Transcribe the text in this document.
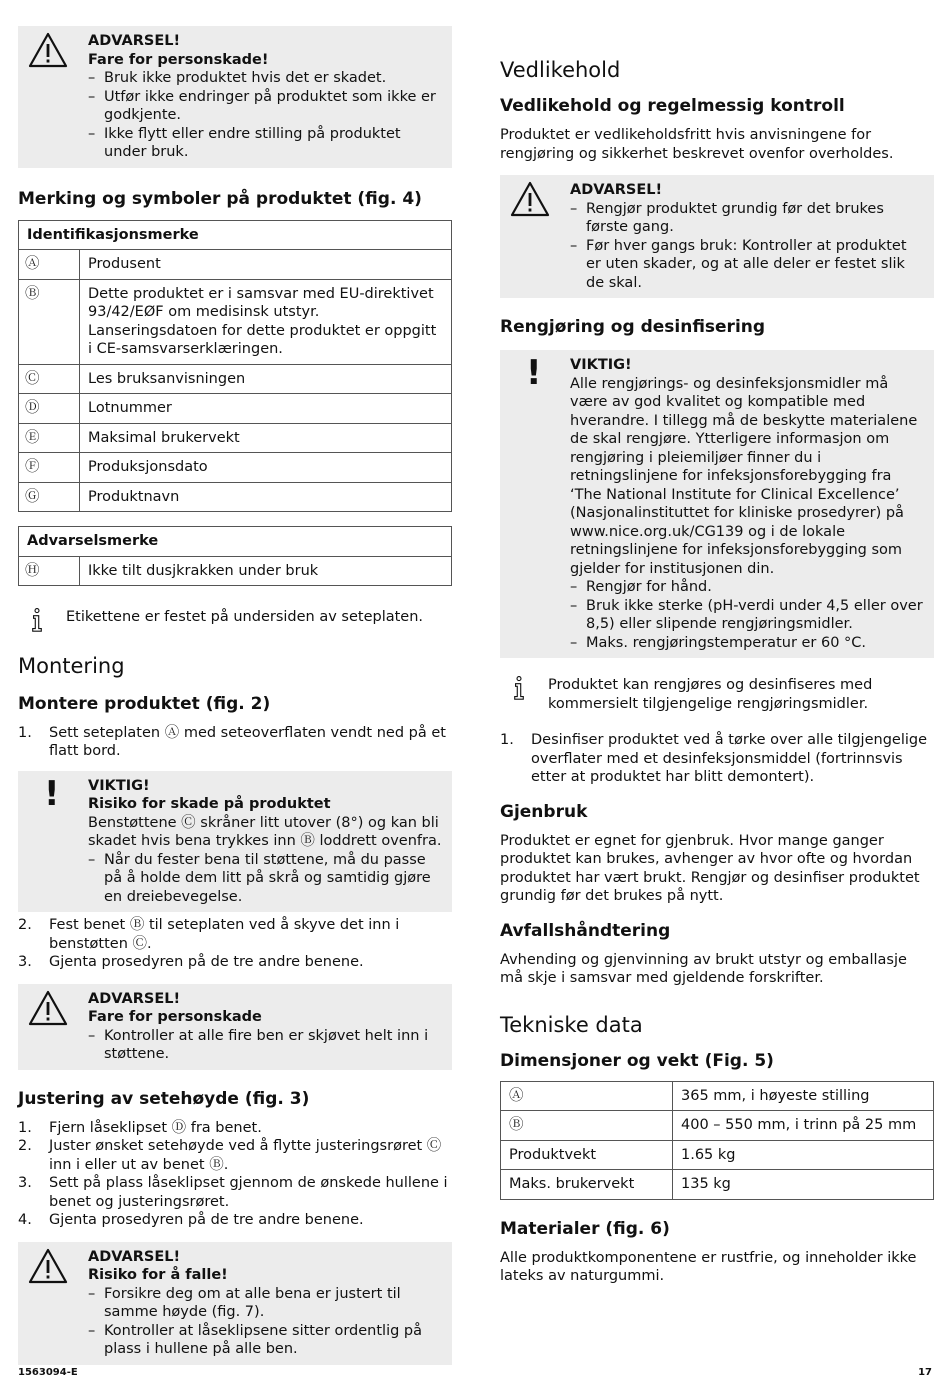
ADVARSEL!

Fare for personskade!

– Bruk ikke produktet hvis det er skadet.

– Utfør ikke endringer på produktet som ikke er godkjente.

– Ikke flytt eller endre stilling på produktet under bruk.

Merking og symboler på produktet (fig. 4)
Identifikasjonsmerke	
Ⓐ	Produsent
Ⓑ	Dette produktet er i samsvar med EU-direktivet 93/42/EØF om medisinsk utstyr. Lanseringsdatoen for dette produktet er oppgitt i CE-samsvarserklæringen.
Ⓒ	Les bruksanvisningen
Ⓓ	Lotnummer
Ⓔ	Maksimal brukervekt
Ⓕ	Produksjonsdato
Ⓖ	Produktnavn
Advarselsmerke
Ⓗ	Ikke tilt dusjkrakken under bruk

Etikettene er festet på undersiden av seteplaten.

Montering
Montere produktet (fig. 2)
1. Sett seteplaten Ⓐ med seteoverflaten vendt ned på et flatt bord.

! VIKTIG!

Risiko for skade på produktet

Benstøttene Ⓒ skråner litt utover (8°) og kan bli skadet hvis bena trykkes inn Ⓑ loddrett ovenfra.

– Når du fester bena til støttene, må du passe på å holde dem litt på skrå og samtidig gjøre en dreiebevegelse.

2. Fest benet Ⓑ til seteplaten ved å skyve det inn i benstøtten Ⓒ.

3. Gjenta prosedyren på de tre andre benene.

ADVARSEL!

Fare for personskade

– Kontroller at alle fire ben er skjøvet helt inn i støttene.

Justering av setehøyde (fig. 3)
1. Fjern låseklipset Ⓓ fra benet.

2. Juster ønsket setehøyde ved å flytte justeringsrøret Ⓒ inn i eller ut av benet Ⓑ.

3. Sett på plass låseklipset gjennom de ønskede hullene i benet og justeringsrøret.

4. Gjenta prosedyren på de tre andre benene.

ADVARSEL!

Risiko for å falle!

– Forsikre deg om at alle bena er justert til samme høyde (fig. 7).

– Kontroller at låseklipsene sitter ordentlig på plass i hullene på alle ben.

Vedlikehold
Vedlikehold og regelmessig kontroll

Produktet er vedlikeholdsfritt hvis anvisningene for rengjøring og sikkerhet beskrevet ovenfor overholdes.

ADVARSEL!

– Rengjør produktet grundig før det brukes første gang.

– Før hver gangs bruk: Kontroller at produktet er uten skader, og at alle deler er festet slik de skal.

Rengjøring og desinfisering
! VIKTIG!

Alle rengjørings- og desinfeksjonsmidler må være av god kvalitet og kompatible med hverandre. I tillegg må de beskytte materialene de skal rengjøre. Ytterligere informasjon om rengjøring i pleiemiljøer finner du i retningslinjene for infeksjonsforebygging fra ‘The National Institute for Clinical Excellence’ (Nasjonalinstituttet for kliniske prosedyrer) på www.nice.org.uk/CG139 og i de lokale retningslinjene for infeksjonsforebygging som gjelder for institusjonen din.

– Rengjør for hånd.

– Bruk ikke sterke (pH-verdi under 4,5 eller over 8,5) eller slipende rengjøringsmidler.

– Maks. rengjøringstemperatur er 60 °C.

Produktet kan rengjøres og desinfiseres med kommersielt tilgjengelige rengjøringsmidler.

1. Desinfiser produktet ved å tørke over alle tilgjengelige overflater med et desinfeksjonsmiddel (fortrinnsvis etter at produktet har blitt demontert).

Gjenbruk

Produktet er egnet for gjenbruk. Hvor mange ganger produktet kan brukes, avhenger av hvor ofte og hvordan produktet har vært brukt. Rengjør og desinfiser produktet grundig før det brukes på nytt.

Avfallshåndtering

Avhending og gjenvinning av brukt utstyr og emballasje må skje i samsvar med gjeldende forskrifter.

Tekniske data
Dimensjoner og vekt (Fig. 5)
Ⓐ	365 mm, i høyeste stilling
Ⓑ	400 – 550 mm, i trinn på 25 mm
Produktvekt	1.65 kg
Maks. brukervekt	135 kg
Materialer (fig. 6)

Alle produktkomponentene er rustfrie, og inneholder ikke lateks av naturgummi.

1563094-E	17
